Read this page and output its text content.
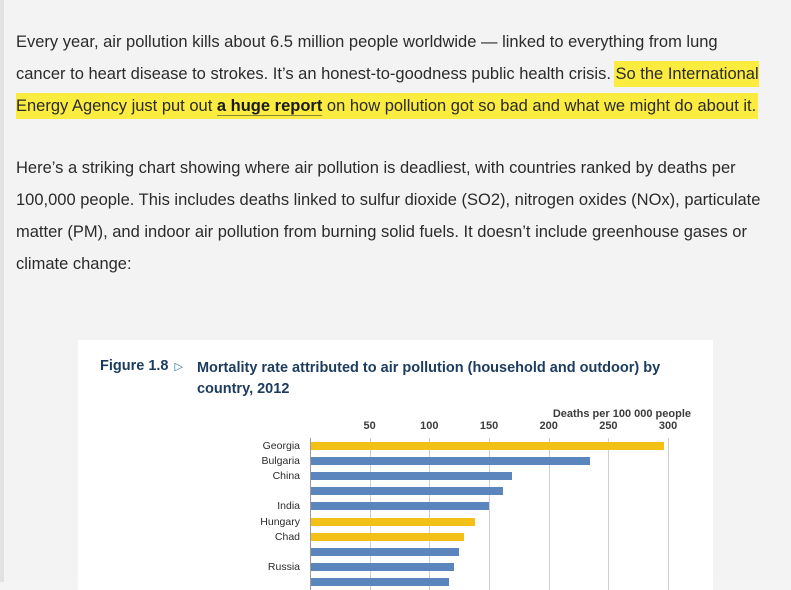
Every year, air pollution kills about 6.5 million people worldwide — linked to everything from lung cancer to heart disease to strokes. It’s an honest-to-goodness public health crisis. So the International Energy Agency just put out a huge report on how pollution got so bad and what we might do about it.

Here’s a striking chart showing where air pollution is deadliest, with countries ranked by deaths per 100,000 people. This includes deaths linked to sulfur dioxide (SO2), nitrogen oxides (NOx), particulate matter (PM), and indoor air pollution from burning solid fuels. It doesn’t include greenhouse gases or climate change:

Figure 1.8 ▷ Mortality rate attributed to air pollution (household and outdoor) by country, 2012
Deaths per 100 000 people
Georgia
Bulgaria
China
India
Hungary
Chad
Russia
50	100	150	200	250	300
